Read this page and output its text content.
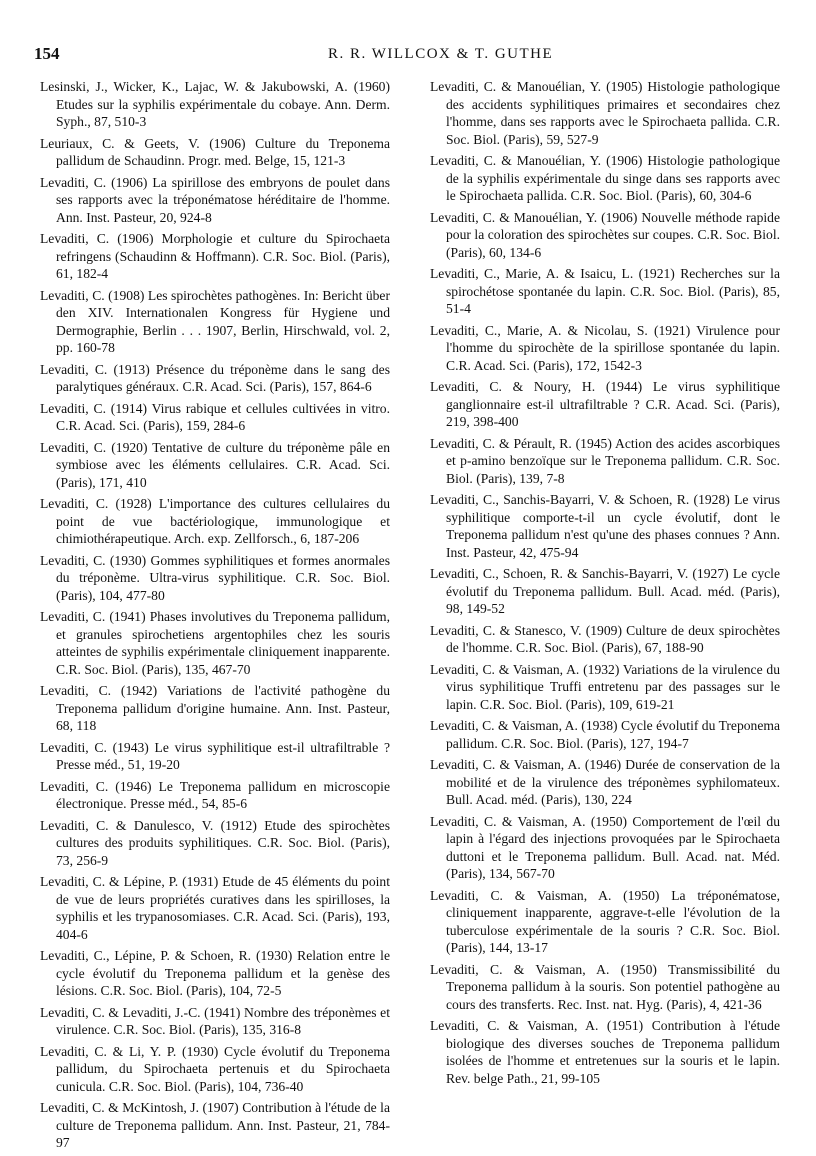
154	R. R. WILLCOX & T. GUTHE

Lesinski, J., Wicker, K., Lajac, W. & Jakubowski, A. (1960) Etudes sur la syphilis expérimentale du cobaye. Ann. Derm. Syph., 87, 510-3

Leuriaux, C. & Geets, V. (1906) Culture du Treponema pallidum de Schaudinn. Progr. med. Belge, 15, 121-3

Levaditi, C. (1906) La spirillose des embryons de poulet dans ses rapports avec la tréponématose héréditaire de l'homme. Ann. Inst. Pasteur, 20, 924-8

Levaditi, C. (1906) Morphologie et culture du Spirochaeta refringens (Schaudinn & Hoffmann). C.R. Soc. Biol. (Paris), 61, 182-4

Levaditi, C. (1908) Les spirochètes pathogènes. In: Bericht über den XIV. Internationalen Kongress für Hygiene und Dermographie, Berlin . . . 1907, Berlin, Hirschwald, vol. 2, pp. 160-78

Levaditi, C. (1913) Présence du tréponème dans le sang des paralytiques généraux. C.R. Acad. Sci. (Paris), 157, 864-6

Levaditi, C. (1914) Virus rabique et cellules cultivées in vitro. C.R. Acad. Sci. (Paris), 159, 284-6

Levaditi, C. (1920) Tentative de culture du tréponème pâle en symbiose avec les éléments cellulaires. C.R. Acad. Sci. (Paris), 171, 410

Levaditi, C. (1928) L'importance des cultures cellulaires du point de vue bactériologique, immunologique et chimiothérapeutique. Arch. exp. Zellforsch., 6, 187-206

Levaditi, C. (1930) Gommes syphilitiques et formes anormales du tréponème. Ultra-virus syphilitique. C.R. Soc. Biol. (Paris), 104, 477-80

Levaditi, C. (1941) Phases involutives du Treponema pallidum, et granules spirochetiens argentophiles chez les souris atteintes de syphilis expérimentale cliniquement inapparente. C.R. Soc. Biol. (Paris), 135, 467-70

Levaditi, C. (1942) Variations de l'activité pathogène du Treponema pallidum d'origine humaine. Ann. Inst. Pasteur, 68, 118

Levaditi, C. (1943) Le virus syphilitique est-il ultrafiltrable ? Presse méd., 51, 19-20

Levaditi, C. (1946) Le Treponema pallidum en microscopie électronique. Presse méd., 54, 85-6

Levaditi, C. & Danulesco, V. (1912) Etude des spirochètes cultures des produits syphilitiques. C.R. Soc. Biol. (Paris), 73, 256-9

Levaditi, C. & Lépine, P. (1931) Etude de 45 éléments du point de vue de leurs propriétés curatives dans les spirilloses, la syphilis et les trypanosomiases. C.R. Acad. Sci. (Paris), 193, 404-6

Levaditi, C., Lépine, P. & Schoen, R. (1930) Relation entre le cycle évolutif du Treponema pallidum et la genèse des lésions. C.R. Soc. Biol. (Paris), 104, 72-5

Levaditi, C. & Levaditi, J.-C. (1941) Nombre des tréponèmes et virulence. C.R. Soc. Biol. (Paris), 135, 316-8

Levaditi, C. & Li, Y. P. (1930) Cycle évolutif du Treponema pallidum, du Spirochaeta pertenuis et du Spirochaeta cunicula. C.R. Soc. Biol. (Paris), 104, 736-40

Levaditi, C. & McKintosh, J. (1907) Contribution à l'étude de la culture de Treponema pallidum. Ann. Inst. Pasteur, 21, 784-97

Levaditi, C. & Manouélian, Y. (1905) Histologie pathologique des accidents syphilitiques primaires et secondaires chez l'homme, dans ses rapports avec le Spirochaeta pallida. C.R. Soc. Biol. (Paris), 59, 527-9

Levaditi, C. & Manouélian, Y. (1906) Histologie pathologique de la syphilis expérimentale du singe dans ses rapports avec le Spirochaeta pallida. C.R. Soc. Biol. (Paris), 60, 304-6

Levaditi, C. & Manouélian, Y. (1906) Nouvelle méthode rapide pour la coloration des spirochètes sur coupes. C.R. Soc. Biol. (Paris), 60, 134-6

Levaditi, C., Marie, A. & Isaicu, L. (1921) Recherches sur la spirochétose spontanée du lapin. C.R. Soc. Biol. (Paris), 85, 51-4

Levaditi, C., Marie, A. & Nicolau, S. (1921) Virulence pour l'homme du spirochète de la spirillose spontanée du lapin. C.R. Acad. Sci. (Paris), 172, 1542-3

Levaditi, C. & Noury, H. (1944) Le virus syphilitique ganglionnaire est-il ultrafiltrable ? C.R. Acad. Sci. (Paris), 219, 398-400

Levaditi, C. & Pérault, R. (1945) Action des acides ascorbiques et p-amino benzoïque sur le Treponema pallidum. C.R. Soc. Biol. (Paris), 139, 7-8

Levaditi, C., Sanchis-Bayarri, V. & Schoen, R. (1928) Le virus syphilitique comporte-t-il un cycle évolutif, dont le Treponema pallidum n'est qu'une des phases connues ? Ann. Inst. Pasteur, 42, 475-94

Levaditi, C., Schoen, R. & Sanchis-Bayarri, V. (1927) Le cycle évolutif du Treponema pallidum. Bull. Acad. méd. (Paris), 98, 149-52

Levaditi, C. & Stanesco, V. (1909) Culture de deux spirochètes de l'homme. C.R. Soc. Biol. (Paris), 67, 188-90

Levaditi, C. & Vaisman, A. (1932) Variations de la virulence du virus syphilitique Truffi entretenu par des passages sur le lapin. C.R. Soc. Biol. (Paris), 109, 619-21

Levaditi, C. & Vaisman, A. (1938) Cycle évolutif du Treponema pallidum. C.R. Soc. Biol. (Paris), 127, 194-7

Levaditi, C. & Vaisman, A. (1946) Durée de conservation de la mobilité et de la virulence des tréponèmes syphilomateux. Bull. Acad. méd. (Paris), 130, 224

Levaditi, C. & Vaisman, A. (1950) Comportement de l'œil du lapin à l'égard des injections provoquées par le Spirochaeta duttoni et le Treponema pallidum. Bull. Acad. nat. Méd. (Paris), 134, 567-70

Levaditi, C. & Vaisman, A. (1950) La tréponématose, cliniquement inapparente, aggrave-t-elle l'évolution de la tuberculose expérimentale de la souris ? C.R. Soc. Biol. (Paris), 144, 13-17

Levaditi, C. & Vaisman, A. (1950) Transmissibilité du Treponema pallidum à la souris. Son potentiel pathogène au cours des transferts. Rec. Inst. nat. Hyg. (Paris), 4, 421-36

Levaditi, C. & Vaisman, A. (1951) Contribution à l'étude biologique des diverses souches de Treponema pallidum isolées de l'homme et entretenues sur la souris et le lapin. Rev. belge Path., 21, 99-105
